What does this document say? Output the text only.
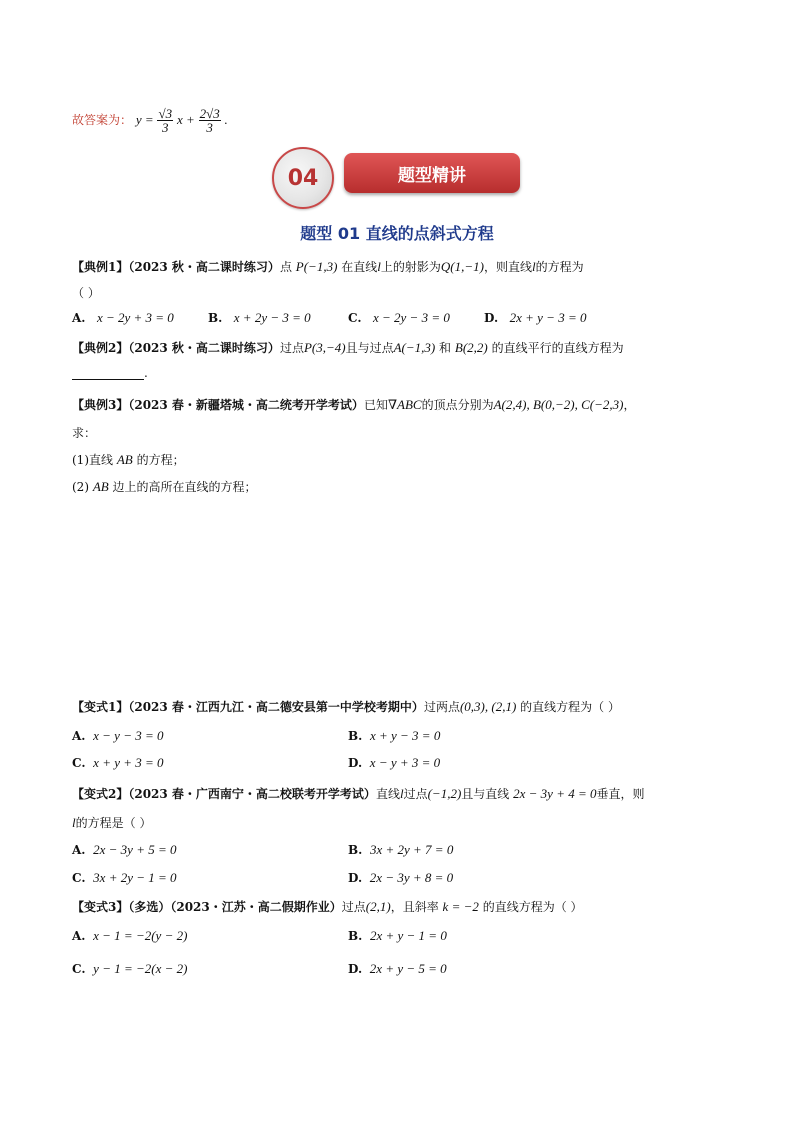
故答案为： $y = \frac{√3}{3}$ $x + \frac{2√3}{3}$ .
题型精讲
04
题型 01 直线的点斜式方程
【典例1】（2023 秋・高二课时练习）点 P(−1,3) 在直线l上的射影为Q(1,−1)，则直线l的方程为
（ ）
A. x − 2y + 3 = 0	B. x + 2y − 3 = 0	C. x − 2y − 3 = 0	D. 2x + y − 3 = 0
【典例2】（2023 秋・高二课时练习）过点P(3,−4)且与过点A(−1,3) 和 B(2,2) 的直线平行的直线方程为
.
【典例3】（2023 春・新疆塔城・高二统考开学考试）已知∇ABC的顶点分别为A(2,4), B(0,−2), C(−2,3)，
求：
(1)直线 AB 的方程；
(2) AB 边上的高所在直线的方程；
【变式1】（2023 春・江西九江・高二德安县第一中学校考期中）过两点(0,3), (2,1) 的直线方程为（ ）
A. x − y − 3 = 0	B. x + y − 3 = 0
C. x + y + 3 = 0	D. x − y + 3 = 0
【变式2】（2023 春・广西南宁・高二校联考开学考试）直线l过点(−1,2)且与直线 2x − 3y + 4 = 0垂直，则
l的方程是（ ）
A. 2x − 3y + 5 = 0	B. 3x + 2y + 7 = 0
C. 3x + 2y − 1 = 0	D. 2x − 3y + 8 = 0
【变式3】（多选）（2023・江苏・高二假期作业）过点(2,1)，且斜率 k = −2 的直线方程为（ ）
A. x − 1 = −2(y − 2)	B. 2x + y − 1 = 0
C. y − 1 = −2(x − 2)	D. 2x + y − 5 = 0
